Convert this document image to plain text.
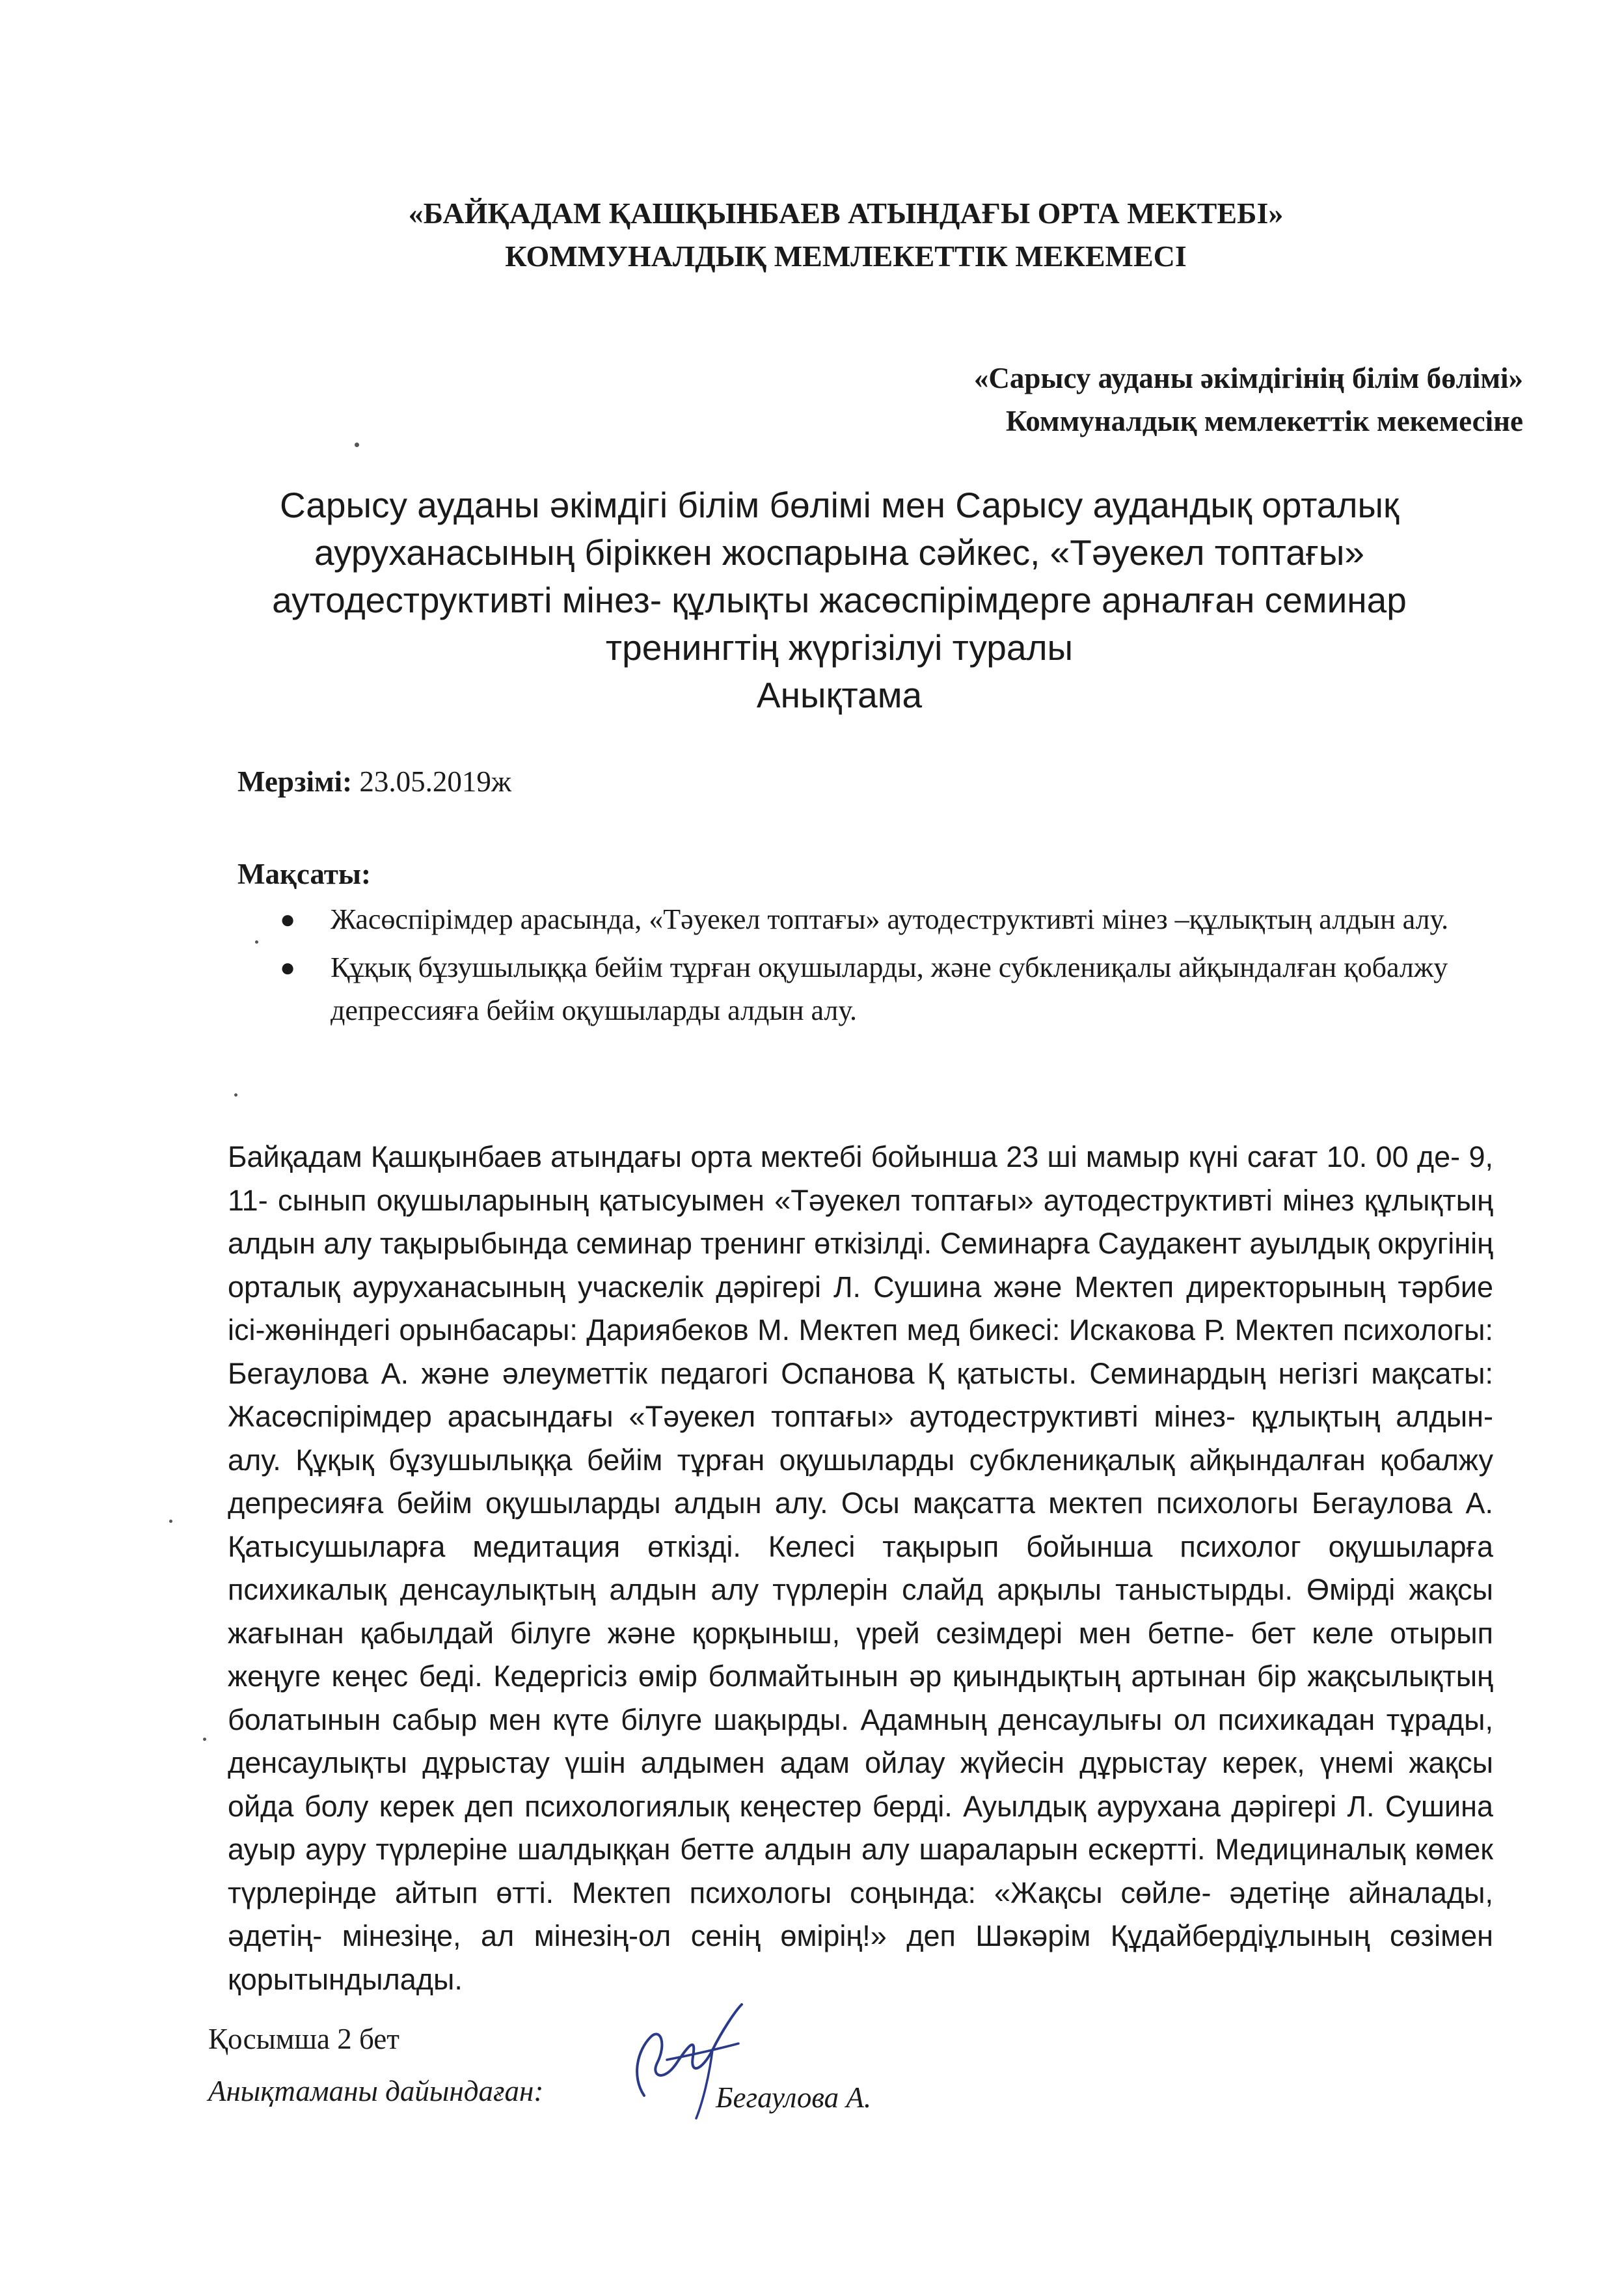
«БАЙҚАДАМ ҚАШҚЫНБАЕВ АТЫНДАҒЫ ОРТА МЕКТЕБІ»
КОММУНАЛДЫҚ МЕМЛЕКЕТТІК МЕКЕМЕСІ
«Сарысу ауданы әкімдігінің білім бөлімі»
Коммуналдық мемлекеттік мекемесіне
Сарысу ауданы әкімдігі білім бөлімі мен Сарысу аудандық орталық
ауруханасының біріккен жоспарына сәйкес, «Тәуекел топтағы»
аутодеструктивті мінез- құлықты жасөспірімдерге арналған семинар
тренингтің жүргізілуі туралы
Анықтама
Мерзімі: 23.05.2019ж
Мақсаты:
● Жасөспірімдер арасында, «Тәуекел топтағы» аутодеструктивті мінез –құлықтың алдын алу.
● Құқық бұзушылыққа бейім тұрған оқушыларды, және субклениқалы айқындалған қобалжу депрессияға бейім оқушыларды алдын алу.

Байқадам Қашқынбаев атындағы орта мектебі бойынша 23 ші мамыр күні сағат 10. 00 де- 9, 11- сынып оқушыларының қатысуымен «Тәуекел топтағы» аутодеструктивті мінез құлықтың алдын алу тақырыбында семинар тренинг өткізілді. Семинарға Саудакент ауылдық округінің орталық ауруханасының учаскелік дәрігері Л. Сушина және Мектеп директорының тәрбие ісі-жөніндегі орынбасары: Дариябеков М. Мектеп мед бикесі: Искакова Р. Мектеп психологы: Бегаулова А. және әлеуметтік педагогі Оспанова Қ қатысты. Семинардың негізгі мақсаты: Жасөспірімдер арасындағы «Тәуекел топтағы» аутодеструктивті мінез- құлықтың алдын-алу. Құқық бұзушылыққа бейім тұрған оқушыларды субклениқалық айқындалған қобалжу депресияға бейім оқушыларды алдын алу. Осы мақсатта мектеп психологы Бегаулова А. Қатысушыларға медитация өткізді. Келесі тақырып бойынша психолог оқушыларға психикалық денсаулықтың алдын алу түрлерін слайд арқылы таныстырды. Өмірді жақсы жағынан қабылдай білуге және қорқыныш, үрей сезімдері мен бетпе- бет келе отырып жеңуге кеңес беді. Кедергісіз өмір болмайтынын әр қиындықтың артынан бір жақсылықтың болатынын сабыр мен күте білуге шақырды. Адамның денсаулығы ол психикадан тұрады, денсаулықты дұрыстау үшін алдымен адам ойлау жүйесін дұрыстау керек, үнемі жақсы ойда болу керек деп психологиялық кеңестер берді. Ауылдық аурухана дәрігері Л. Сушина ауыр ауру түрлеріне шалдыққан бетте алдын алу шараларын ескертті. Медициналық көмек түрлерінде айтып өтті. Мектеп психологы соңында: «Жақсы сөйле- әдетіңе айналады, әдетің- мінезіңе, ал мінезің-ол сенің өмірің!» деп Шәкәрім Құдайбердіұлының сөзімен қорытындылады.

Қосымша 2 бет
Анықтаманы дайындаған:	Бегаулова А.
